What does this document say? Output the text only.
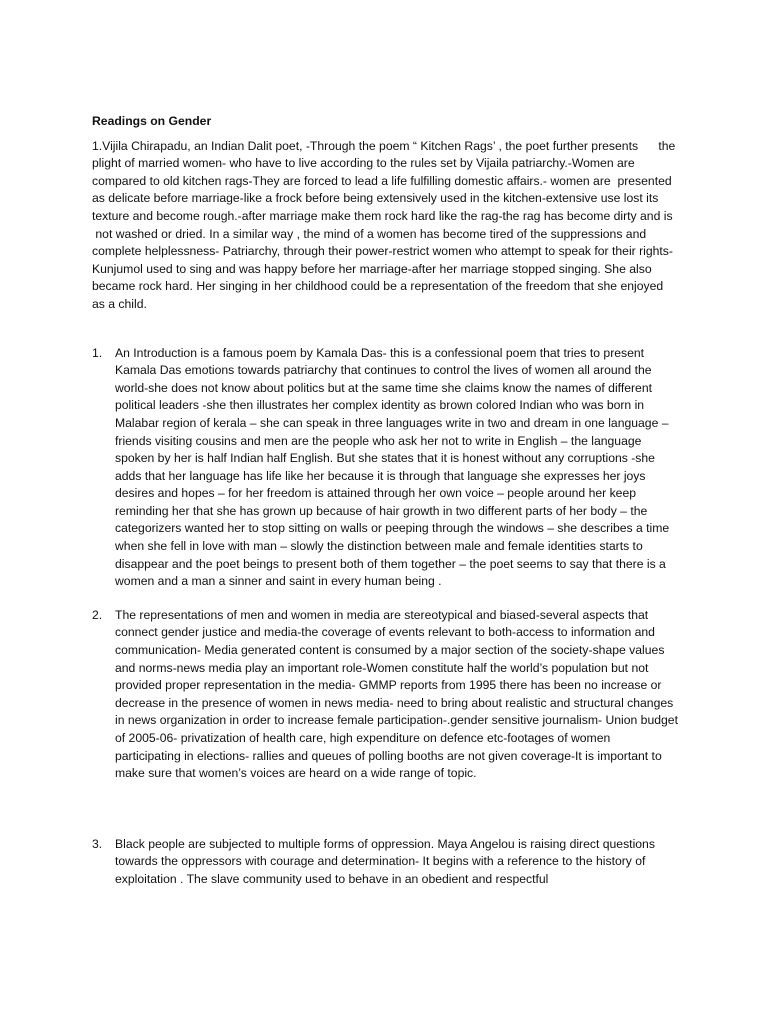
Readings on Gender

1.Vijila Chirapadu, an Indian Dalit poet, -Through the poem “ Kitchen Rags’ , the poet further presents      the plight of married women- who have to live according to the rules set by Vijaila patriarchy.-Women are compared to old kitchen rags-They are forced to lead a life fulfilling domestic affairs.- women are  presented as delicate before marriage-like a frock before being extensively used in the kitchen-extensive use lost its texture and become rough.-after marriage make them rock hard like the rag-the rag has become dirty and is  not washed or dried. In a similar way , the mind of a women has become tired of the suppressions and complete helplessness- Patriarchy, through their power-restrict women who attempt to speak for their rights-Kunjumol used to sing and was happy before her marriage-after her marriage stopped singing. She also became rock hard. Her singing in her childhood could be a representation of the freedom that she enjoyed as a child.

1. An Introduction is a famous poem by Kamala Das- this is a confessional poem that tries to present Kamala Das emotions towards patriarchy that continues to control the lives of women all around the world-she does not know about politics but at the same time she claims know the names of different political leaders -she then illustrates her complex identity as brown colored Indian who was born in Malabar region of kerala – she can speak in three languages write in two and dream in one language – friends visiting cousins and men are the people who ask her not to write in English – the language spoken by her is half Indian half English. But she states that it is honest without any corruptions -she adds that her language has life like her because it is through that language she expresses her joys desires and hopes – for her freedom is attained through her own voice – people around her keep reminding her that she has grown up because of hair growth in two different parts of her body – the categorizers wanted her to stop sitting on walls or peeping through the windows – she describes a time when she fell in love with man – slowly the distinction between male and female identities starts to disappear and the poet beings to present both of them together – the poet seems to say that there is a women and a man a sinner and saint in every human being .

2. The representations of men and women in media are stereotypical and biased-several aspects that connect gender justice and media-the coverage of events relevant to both-access to information and communication- Media generated content is consumed by a major section of the society-shape values and norms-news media play an important role-Women constitute half the world’s population but not provided proper representation in the media- GMMP reports from 1995 there has been no increase or decrease in the presence of women in news media- need to bring about realistic and structural changes in news organization in order to increase female participation-.gender sensitive journalism- Union budget of 2005-06- privatization of health care, high expenditure on defence etc-footages of women participating in elections- rallies and queues of polling booths are not given coverage-It is important to make sure that women’s voices are heard on a wide range of topic.

3. Black people are subjected to multiple forms of oppression. Maya Angelou is raising direct questions towards the oppressors with courage and determination- It begins with a reference to the history of exploitation . The slave community used to behave in an obedient and respectful
